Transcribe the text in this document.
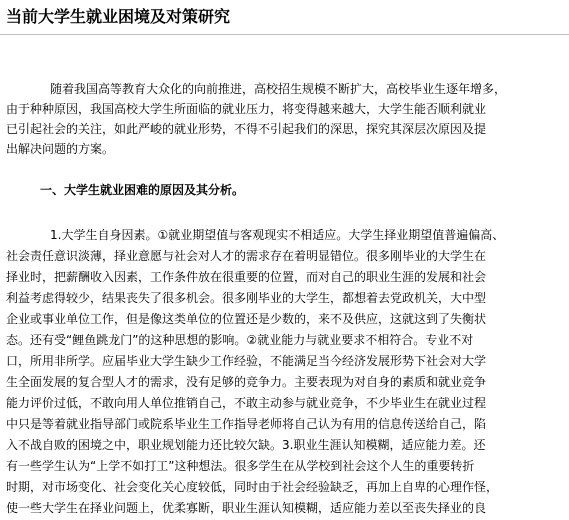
当前大学生就业困境及对策研究
随着我国高等教育大众化的向前推进，高校招生规模不断扩大，高校毕业生逐年增多，
由于种种原因，我国高校大学生所面临的就业压力，将变得越来越大，大学生能否顺利就业
已引起社会的关注，如此严峻的就业形势，不得不引起我们的深思，探究其深层次原因及提
出解决问题的方案。
一、大学生就业困难的原因及其分析。
1.大学生自身因素。①就业期望值与客观现实不相适应。大学生择业期望值普遍偏高、
社会责任意识淡薄，择业意愿与社会对人才的需求存在着明显错位。很多刚毕业的大学生在
择业时，把薪酬收入因素，工作条件放在很重要的位置，而对自己的职业生涯的发展和社会
利益考虑得较少，结果丧失了很多机会。很多刚毕业的大学生，都想着去党政机关，大中型
企业或事业单位工作，但是像这类单位的位置还是少数的，来不及供应，这就这到了失衡状
态。还有受“鲤鱼跳龙门”的这种思想的影响。②就业能力与就业要求不相符合。专业不对
口，所用非所学。应届毕业大学生缺少工作经验，不能满足当今经济发展形势下社会对大学
生全面发展的复合型人才的需求，没有足够的竞争力。主要表现为对自身的素质和就业竞争
能力评价过低，不敢向用人单位推销自己，不敢主动参与就业竞争，不少毕业生在就业过程
中只是等着就业指导部门或院系毕业生工作指导老师将自己认为有用的信息传送给自己，陷
入不战自败的困境之中，职业规划能力还比较欠缺。3.职业生涯认知模糊，适应能力差。还
有一些学生认为“上学不如打工”这种想法。很多学生在从学校到社会这个人生的重要转折
时期，对市场变化、社会变化关心度较低，同时由于社会经验缺乏，再加上自卑的心理作怪，
使一些大学生在择业问题上，优柔寡断，职业生涯认知模糊，适应能力差以至丧失择业的良
